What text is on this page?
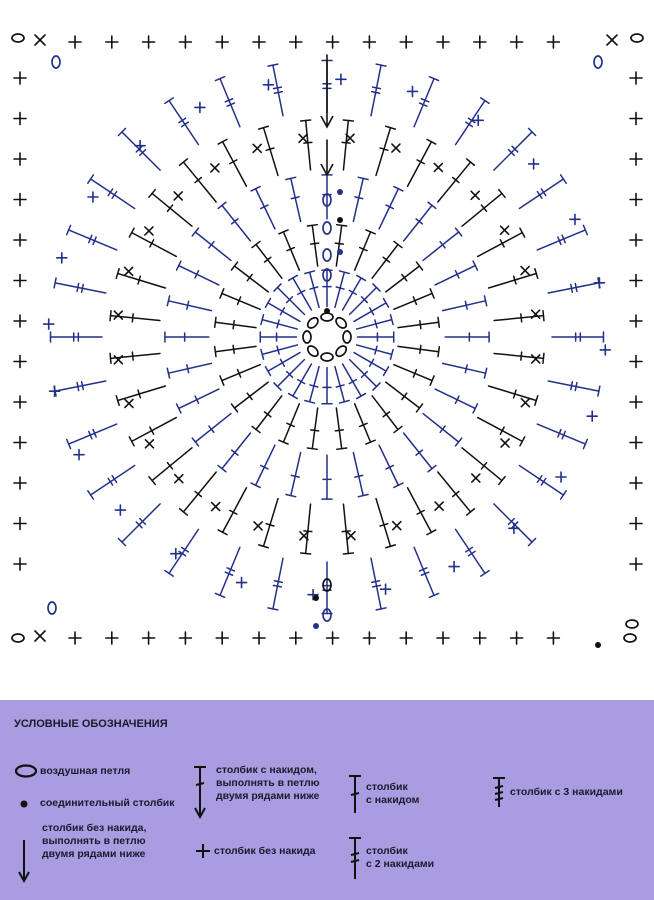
УСЛОВНЫЕ ОБОЗНАЧЕНИЯ
воздушная петля
соединительный столбик
столбик без накида,
выполнять в петлю
двумя рядами ниже
столбик с накидом,
выполнять в петлю
двумя рядами ниже
столбик без накида
столбик
с накидом
столбик
с 2 накидами
столбик с 3 накидами
